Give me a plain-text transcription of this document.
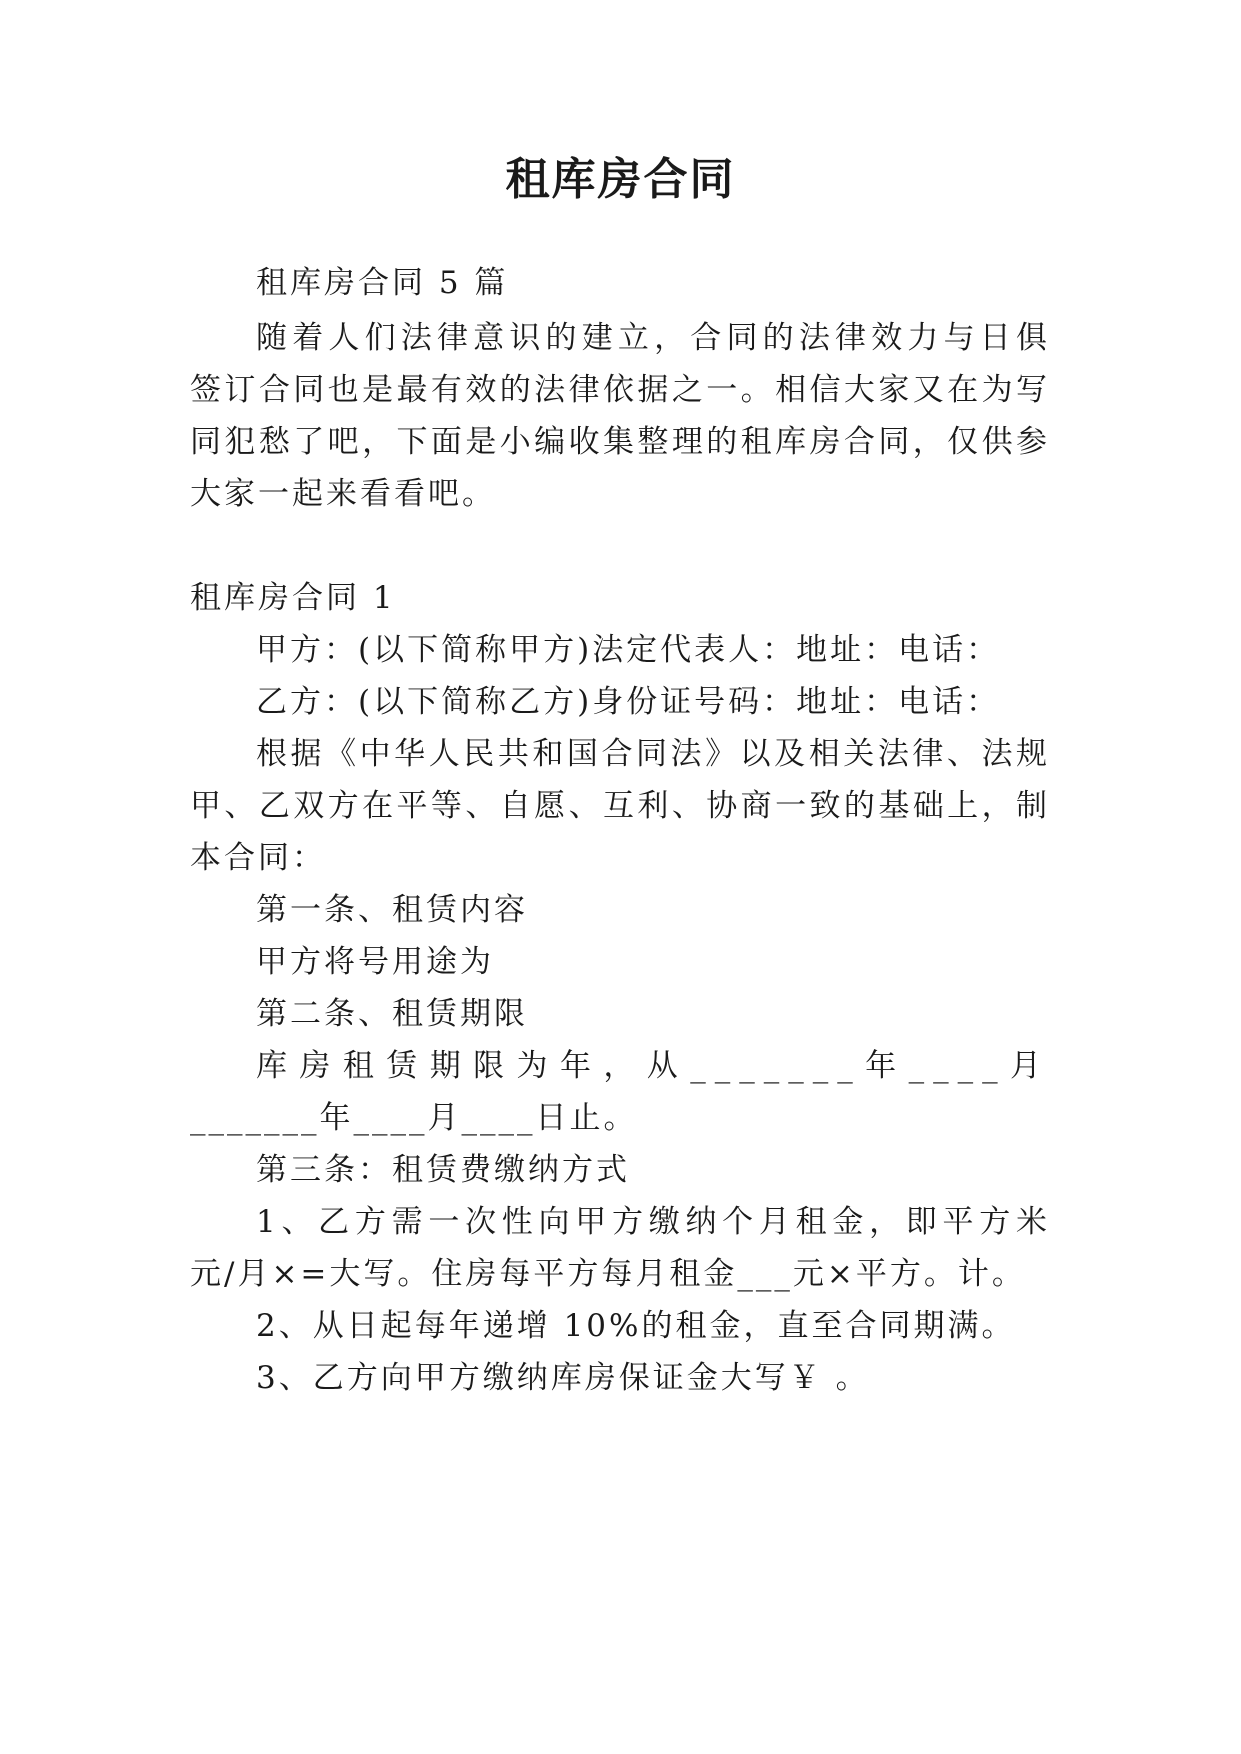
租库房合同
租库房合同 5 篇
随着人们法律意识的建立，合同的法律效力与日俱
签订合同也是最有效的法律依据之一。相信大家又在为写
同犯愁了吧，下面是小编收集整理的租库房合同，仅供参
大家一起来看看吧。
租库房合同 1
甲方：(以下简称甲方)法定代表人：地址：电话：
乙方：(以下简称乙方)身份证号码：地址：电话：
根据《中华人民共和国合同法》以及相关法律、法规
甲、乙双方在平等、自愿、互利、协商一致的基础上，制
本合同：
第一条、租赁内容
甲方将号用途为
第二条、租赁期限
库房租赁期限为年，从_______年____月
_______年____月____日止。
第三条：租赁费缴纳方式
1、乙方需一次性向甲方缴纳个月租金，即平方米
元/月×=大写。住房每平方每月租金___元×平方。计。
2、从日起每年递增 10%的租金，直至合同期满。
3、乙方向甲方缴纳库房保证金大写￥ 。
